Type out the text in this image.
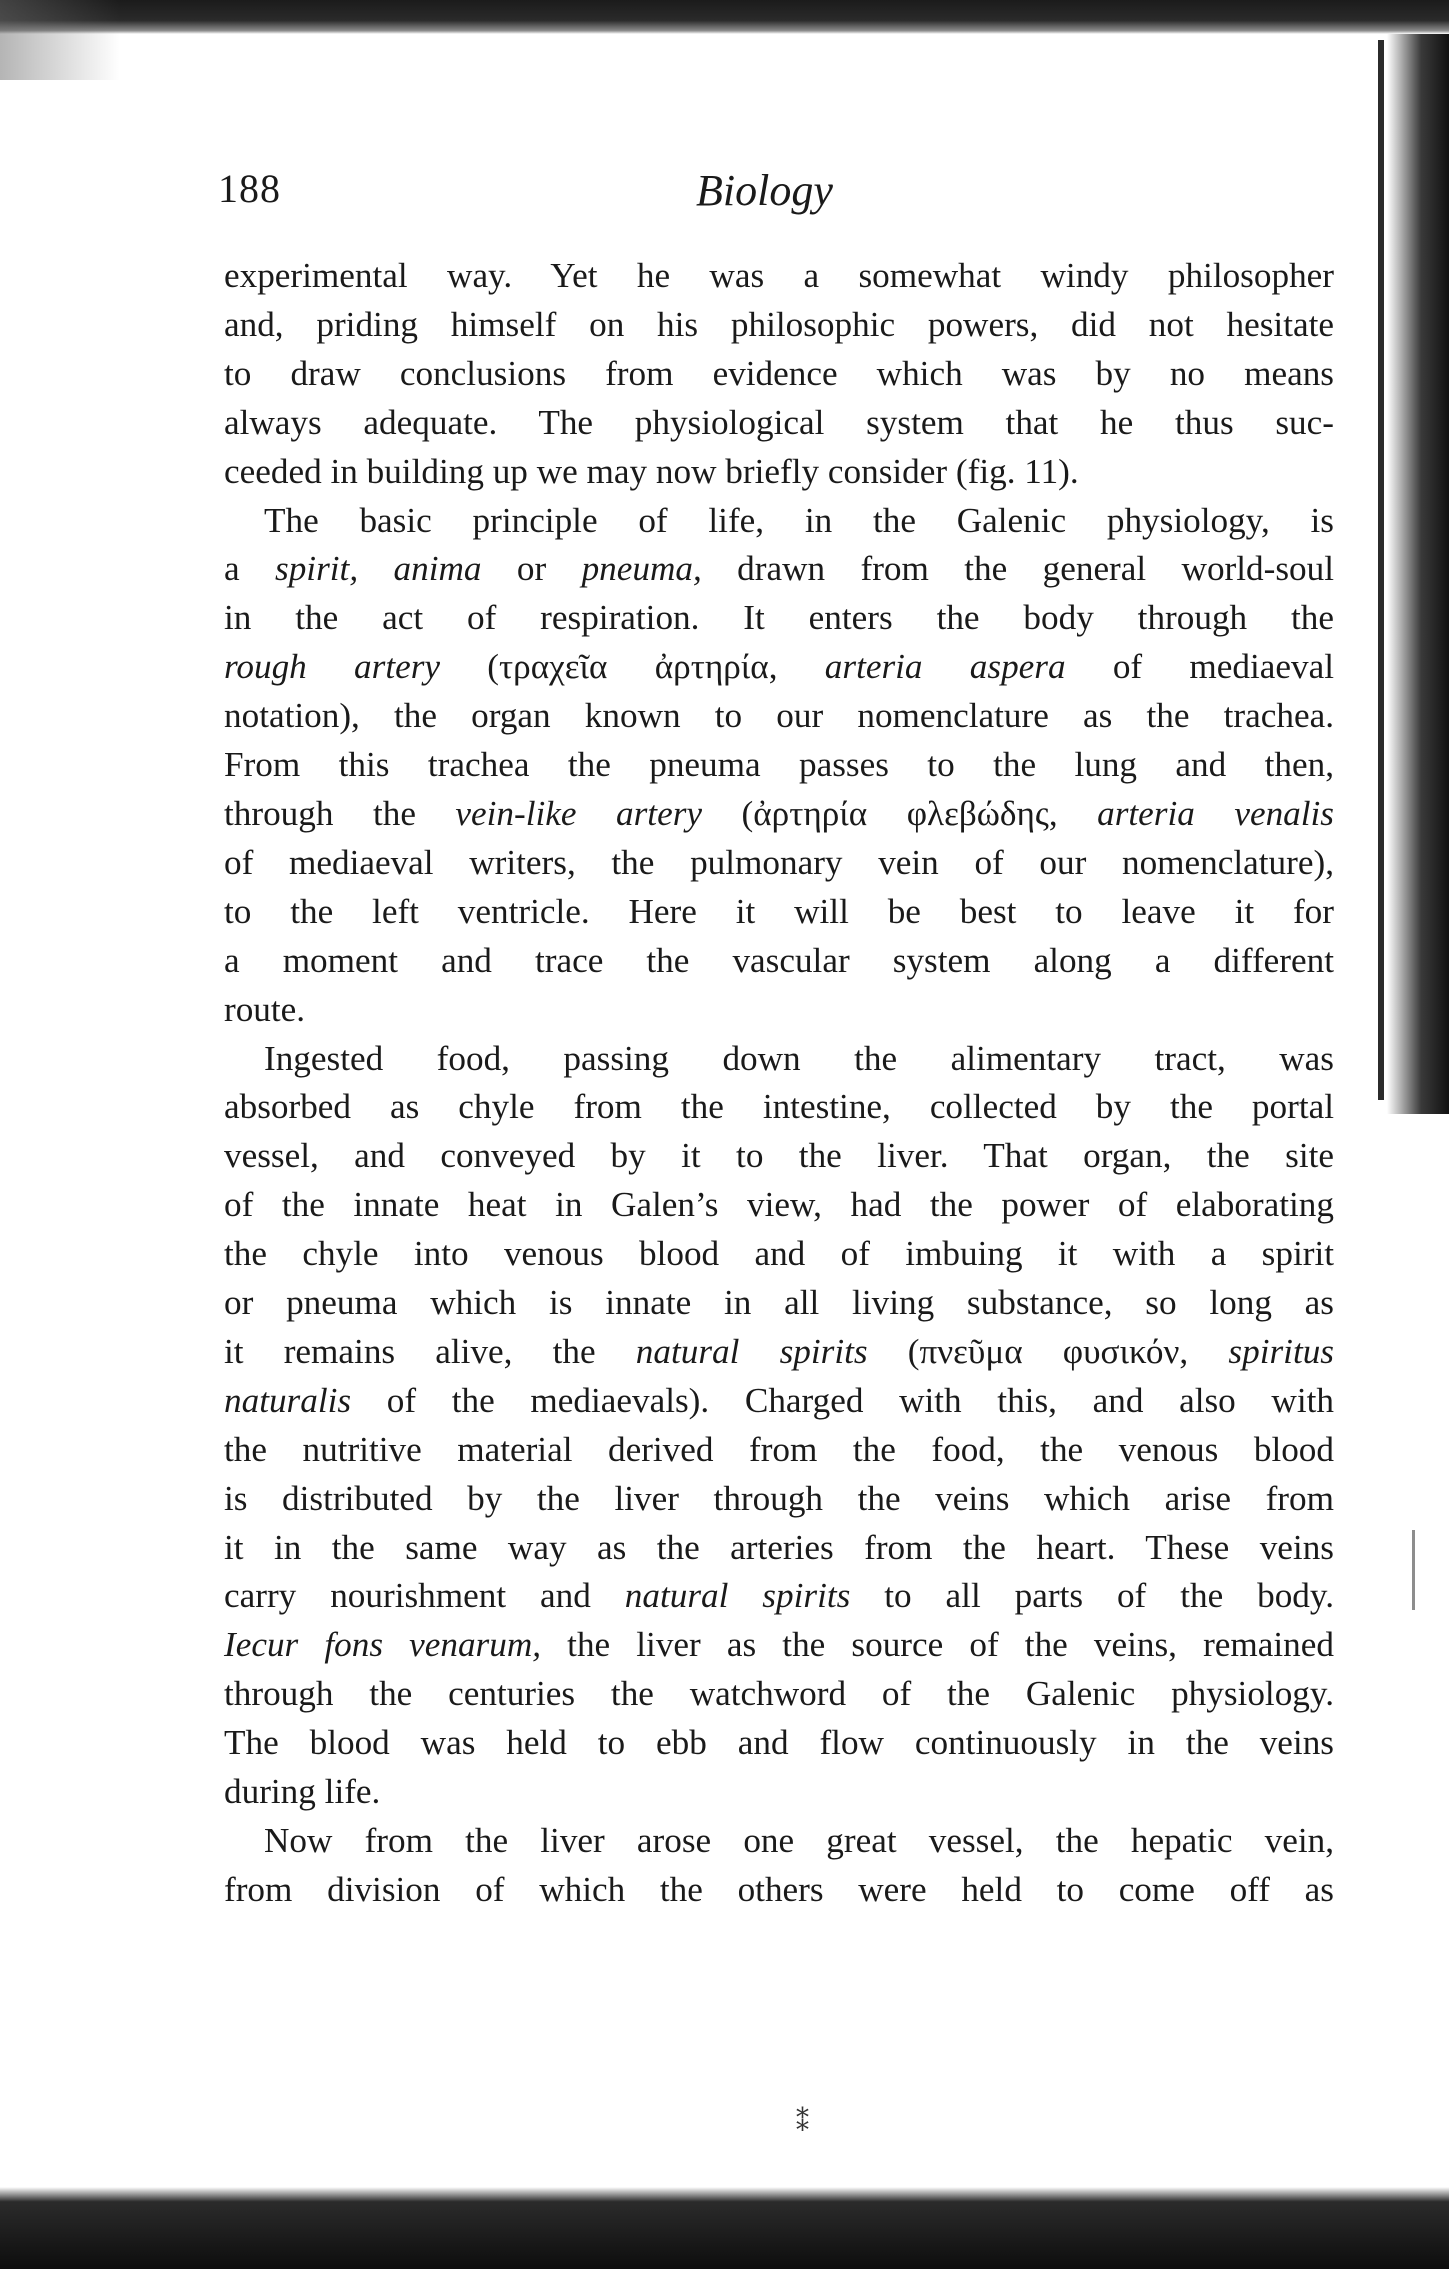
188	Biology
experimental way. Yet he was a somewhat windy philosopher
and, priding himself on his philosophic powers, did not hesitate
to draw conclusions from evidence which was by no means
always adequate. The physiological system that he thus suc-
ceeded in building up we may now briefly consider (fig. 11).
The basic principle of life, in the Galenic physiology, is
a spirit, anima or pneuma, drawn from the general world-soul
in the act of respiration. It enters the body through the
rough artery (τραχεῖα ἀρτηρία, arteria aspera of mediaeval
notation), the organ known to our nomenclature as the trachea.
From this trachea the pneuma passes to the lung and then,
through the vein-like artery (ἀρτηρία φλεβώδης, arteria venalis
of mediaeval writers, the pulmonary vein of our nomenclature),
to the left ventricle. Here it will be best to leave it for
a moment and trace the vascular system along a different
route.
Ingested food, passing down the alimentary tract, was
absorbed as chyle from the intestine, collected by the portal
vessel, and conveyed by it to the liver. That organ, the site
of the innate heat in Galen’s view, had the power of elaborating
the chyle into venous blood and of imbuing it with a spirit
or pneuma which is innate in all living substance, so long as
it remains alive, the natural spirits (πνεῦμα φυσικόν, spiritus
naturalis of the mediaevals). Charged with this, and also with
the nutritive material derived from the food, the venous blood
is distributed by the liver through the veins which arise from
it in the same way as the arteries from the heart. These veins
carry nourishment and natural spirits to all parts of the body.
Iecur fons venarum, the liver as the source of the veins, remained
through the centuries the watchword of the Galenic physiology.
The blood was held to ebb and flow continuously in the veins
during life.
Now from the liver arose one great vessel, the hepatic vein,
from division of which the others were held to come off as
⁑
